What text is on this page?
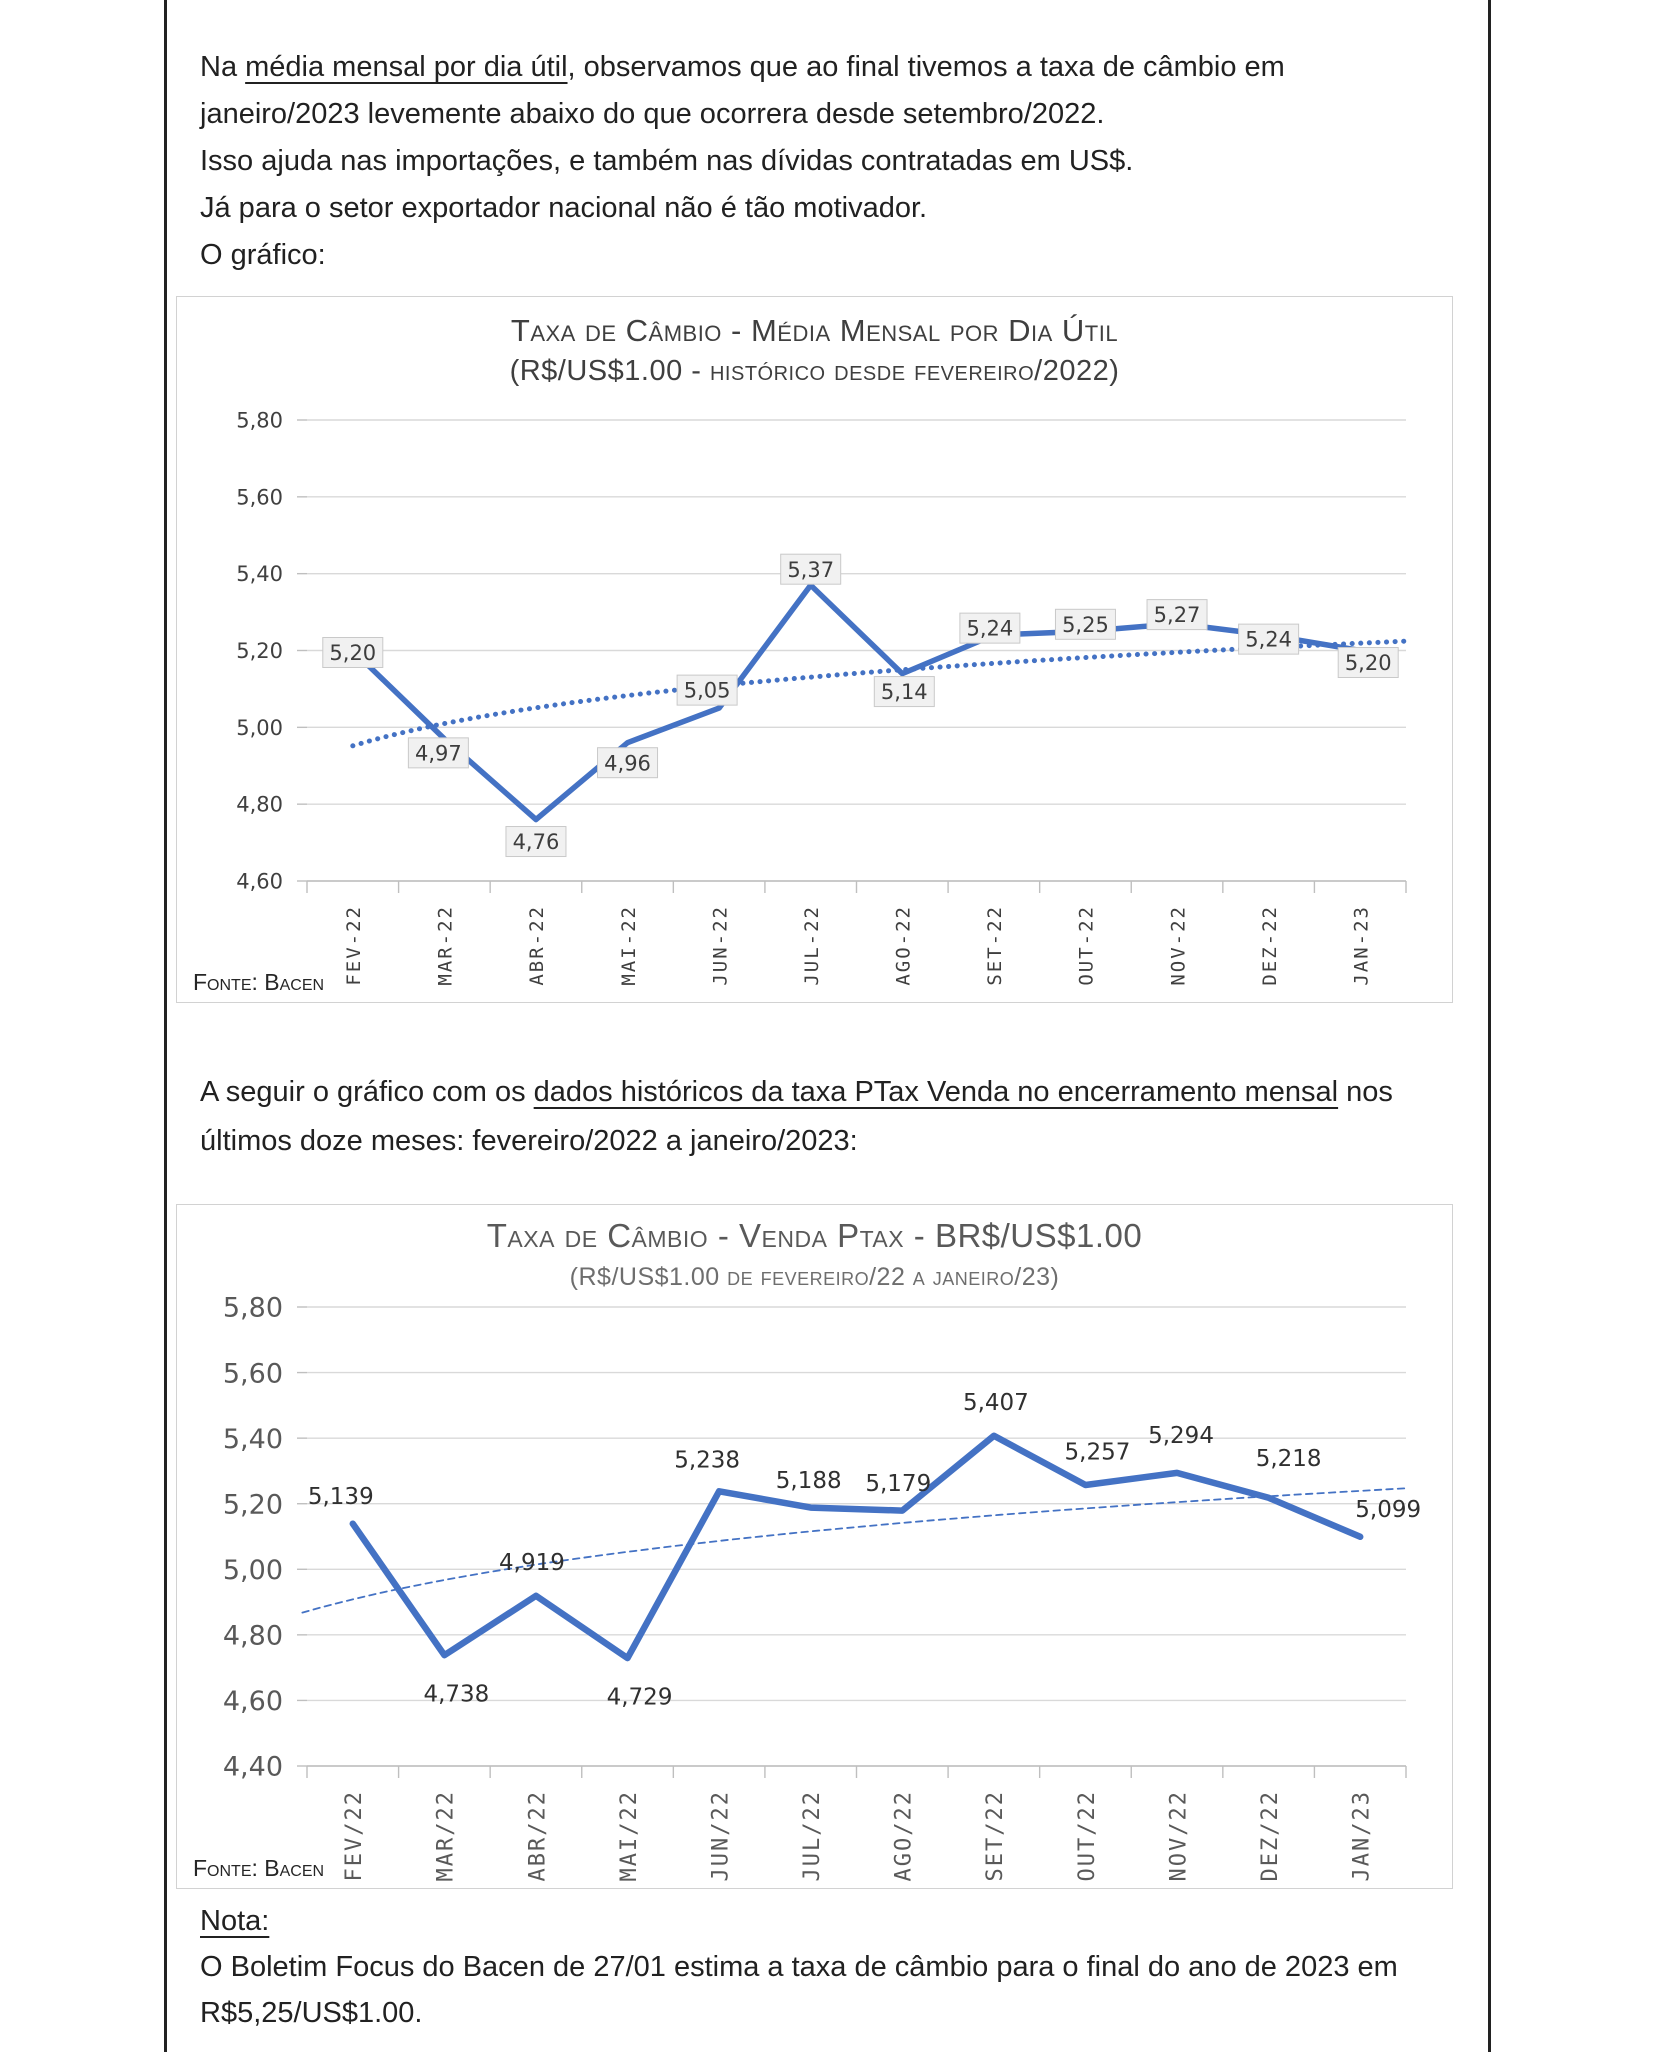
Na média mensal por dia útil, observamos que ao final tivemos a taxa de câmbio em
janeiro/2023 levemente abaixo do que ocorrera desde setembro/2022.
Isso ajuda nas importações, e também nas dívidas contratadas em US$.
Já para o setor exportador nacional não é tão motivador.
O gráfico:
5,80
5,60
5,40
5,20
5,00
4,80
4,60
FEV-22	MAR-22	ABR-22	MAI-22	JUN-22	JUL-22	AGO-22	SET-22	OUT-22	NOV-22	DEZ-22	JAN-23
5,20
4,97
4,76
4,96
5,05
5,37
5,14
5,24 5,25 5,27
5,24
5,20
Taxa de Câmbio - Média Mensal por Dia Útil
(R$/US$1.00 - histórico desde fevereiro/2022)
Fonte: Bacen
A seguir o gráfico com os dados históricos da taxa PTax Venda no encerramento mensal nos
últimos doze meses: fevereiro/2022 a janeiro/2023:
5,80
5,60
5,40
5,20
5,00
4,80
4,60
4,40
FEV/22	MAR/22	ABR/22	MAI/22	JUN/22	JUL/22	AGO/22	SET/22	OUT/22	NOV/22	DEZ/22	JAN/23
5,139
4,738
4,919
4,729
5,238
5,188 5,179
5,407
5,257
5,294
5,218
5,099
Taxa de Câmbio - Venda Ptax - BR$/US$1.00
(R$/US$1.00 de fevereiro/22 a janeiro/23)
Fonte: Bacen
Nota:
O Boletim Focus do Bacen de 27/01 estima a taxa de câmbio para o final do ano de 2023 em
R$5,25/US$1.00.
